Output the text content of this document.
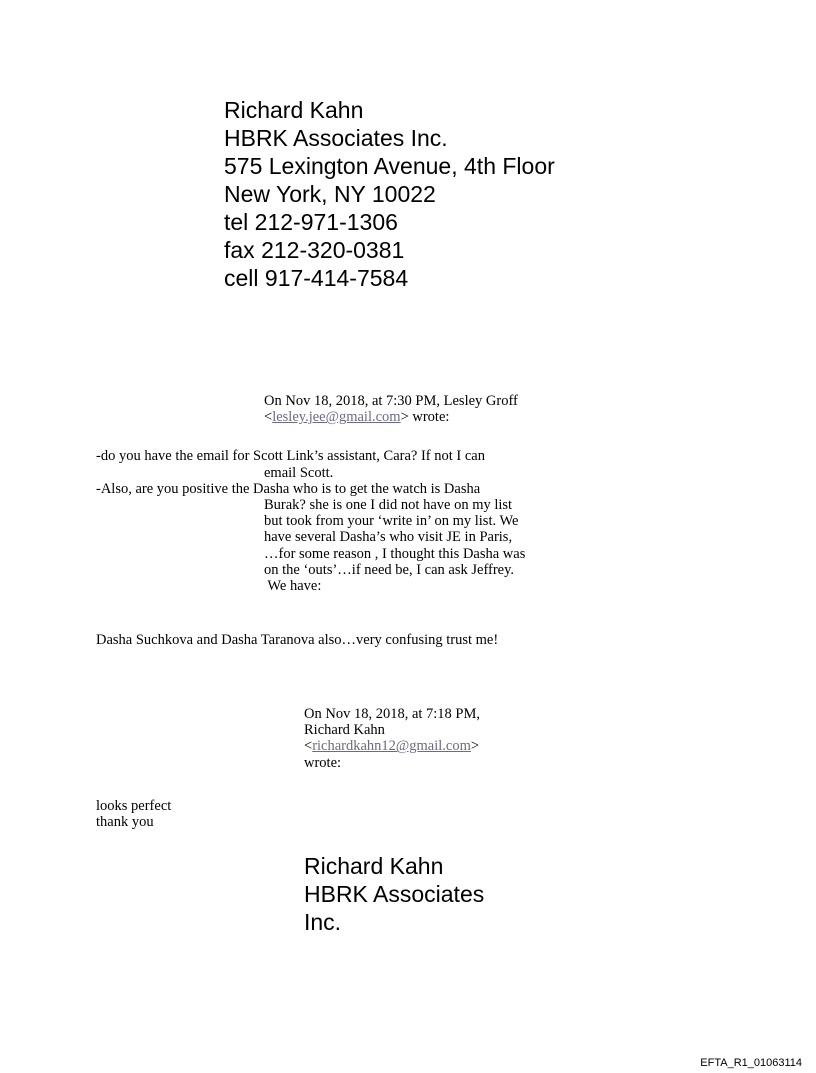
Richard Kahn
HBRK Associates Inc.
575 Lexington Avenue, 4th Floor
New York, NY 10022
tel 212-971-1306
fax 212-320-0381
cell 917-414-7584
On Nov 18, 2018, at 7:30 PM, Lesley Groff
<lesley.jee@gmail.com> wrote:
-do you have the email for Scott Link’s assistant, Cara? If not I can
email Scott.
-Also, are you positive the Dasha who is to get the watch is Dasha
Burak? she is one I did not have on my list
but took from your ‘write in’ on my list. We
have several Dasha’s who visit JE in Paris,
…for some reason , I thought this Dasha was
on the ‘outs’…if need be, I can ask Jeffrey.
We have:
Dasha Suchkova and Dasha Taranova also…very confusing trust me!
On Nov 18, 2018, at 7:18 PM,
Richard Kahn
<richardkahn12@gmail.com>
wrote:
looks perfect
thank you
Richard Kahn
HBRK Associates
Inc.
EFTA_R1_01063114
